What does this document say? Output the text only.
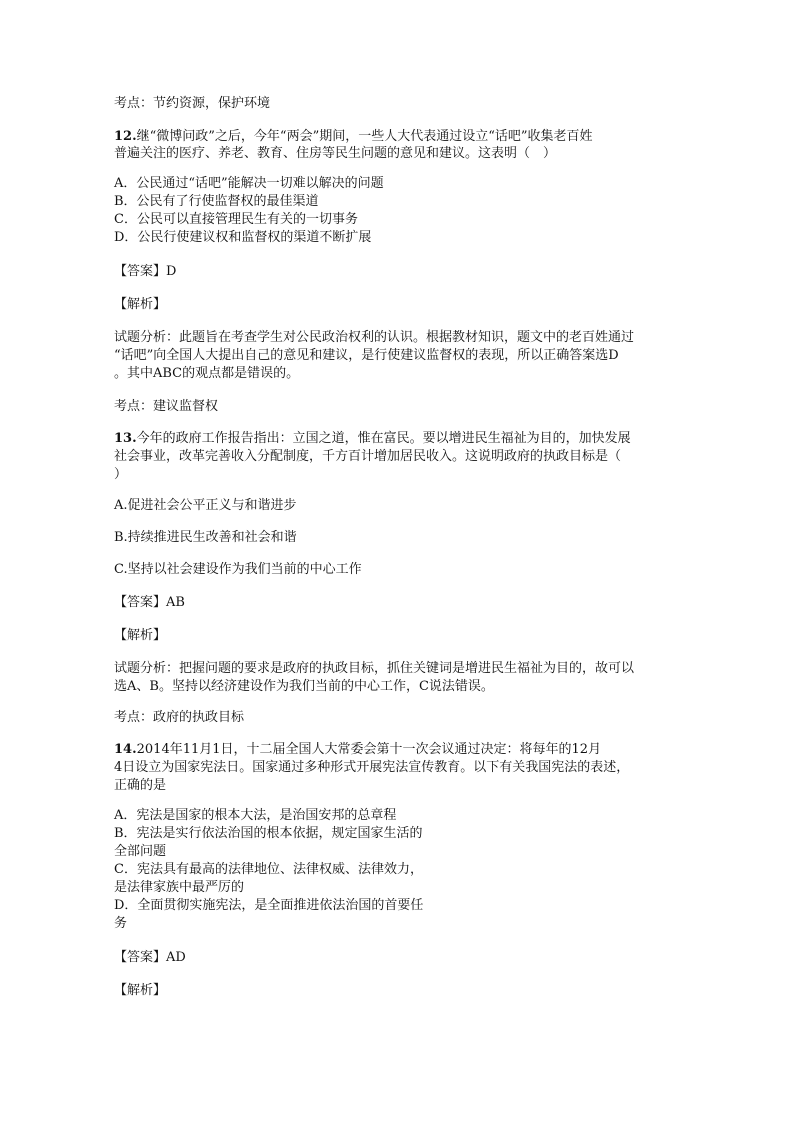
考点：节约资源，保护环境
12.继“微博问政”之后，今年“两会”期间，一些人大代表通过设立“话吧”收集老百姓
普遍关注的医疗、养老、教育、住房等民生问题的意见和建议。这表明（　）
A．公民通过“话吧”能解决一切难以解决的问题
B．公民有了行使监督权的最佳渠道
C．公民可以直接管理民生有关的一切事务
D．公民行使建议权和监督权的渠道不断扩展
【答案】D
【解析】
试题分析：此题旨在考查学生对公民政治权利的认识。根据教材知识，题文中的老百姓通过
“话吧”向全国人大提出自己的意见和建议，是行使建议监督权的表现，所以正确答案选D
。其中ABC的观点都是错误的。
考点：建议监督权
13.今年的政府工作报告指出：立国之道，惟在富民。要以增进民生福祉为目的，加快发展
社会事业，改革完善收入分配制度，千方百计增加居民收入。这说明政府的执政目标是（
）
A.促进社会公平正义与和谐进步
B.持续推进民生改善和社会和谐
C.坚持以社会建设作为我们当前的中心工作
【答案】AB
【解析】
试题分析：把握问题的要求是政府的执政目标，抓住关键词是增进民生福祉为目的，故可以
选A、B。坚持以经济建设作为我们当前的中心工作，C说法错误。
考点：政府的执政目标
14.2014年11月1日，十二届全国人大常委会第十一次会议通过决定：将每年的12月
4日设立为国家宪法日。国家通过多种形式开展宪法宣传教育。以下有关我国宪法的表述，
正确的是
A．宪法是国家的根本大法，是治国安邦的总章程
B．宪法是实行依法治国的根本依据，规定国家生活的
全部问题
C．宪法具有最高的法律地位、法律权威、法律效力，
是法律家族中最严厉的
D．全面贯彻实施宪法，是全面推进依法治国的首要任
务
【答案】AD
【解析】
